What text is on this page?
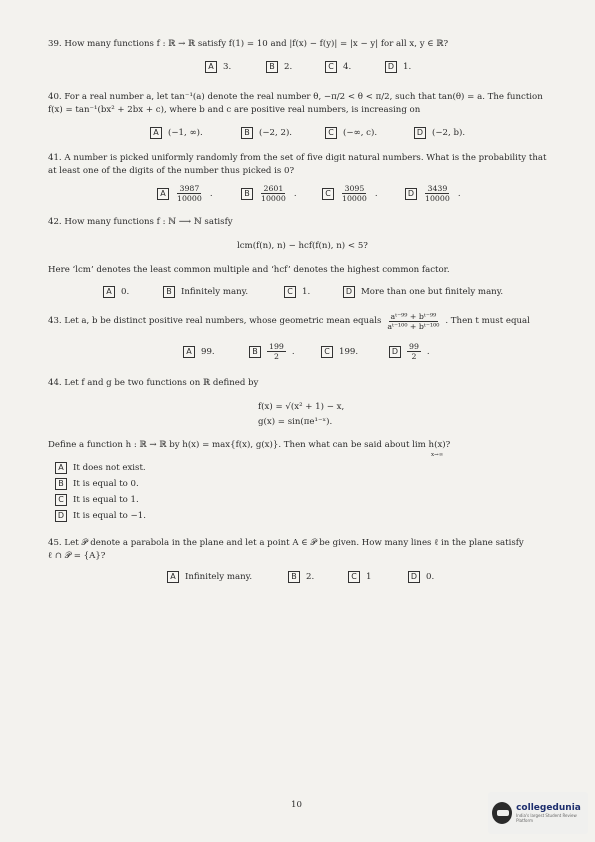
39. How many functions f : ℝ → ℝ satisfy f(1) = 10 and |f(x) − f(y)| = |x − y| for all x, y ∈ ℝ?
A	3.	B	2.	C	4.	D	1.
40. For a real number a, let tan⁻¹(a) denote the real number θ, −π/2 < θ < π/2, such that tan(θ) = a. The function
f(x) = tan⁻¹(bx² + 2bx + c), where b and c are positive real numbers, is increasing on
A	(−1, ∞).	B	(−2, 2).	C	(−∞, c).	D	(−2, b).
41. A number is picked uniformly randomly from the set of five digit natural numbers. What is the probability that
at least one of the digits of the number thus picked is 0?
A	$\frac{3987}{10000}$ .	B	$\frac{2601}{10000}$ .	C	$\frac{3095}{10000}$ .	D	$\frac{3439}{10000}$ .
42. How many functions f : ℕ ⟶ ℕ satisfy
lcm(f(n), n) − hcf(f(n), n) < 5?
Here ‘lcm’ denotes the least common multiple and ‘hcf’ denotes the highest common factor.
A	0.	B	Infinitely many.	C	1.	D	More than one but finitely many.
43. Let a, b be distinct positive real numbers, whose geometric mean equals $\frac{\text{aᵗ⁻⁹⁹ + bᵗ⁻⁹⁹}}{\text{aᵗ⁻¹⁰⁰ + bᵗ⁻¹⁰⁰}}$ . Then t must equal
A	99.	B	$\frac{199}{2}$ .	C	199.	D	$\frac{99}{2}$ .
44. Let f and g be two functions on ℝ defined by
f(x) = √(x² + 1) − x,
g(x) = sin(πe¹⁻ˣ).
Define a function h : ℝ → ℝ by h(x) = max{f(x), g(x)}. Then what can be said about lim h(x)?
x→∞
A	It does not exist.
B	It is equal to 0.
C	It is equal to 1.
D	It is equal to −1.
45. Let 𝒫 denote a parabola in the plane and let a point A ∈ 𝒫 be given. How many lines ℓ in the plane satisfy
ℓ ∩ 𝒫 = {A}?
A	Infinitely many.	B	2.	C	1	D	0.
10	collegedunia
India's largest Student Review Platform
